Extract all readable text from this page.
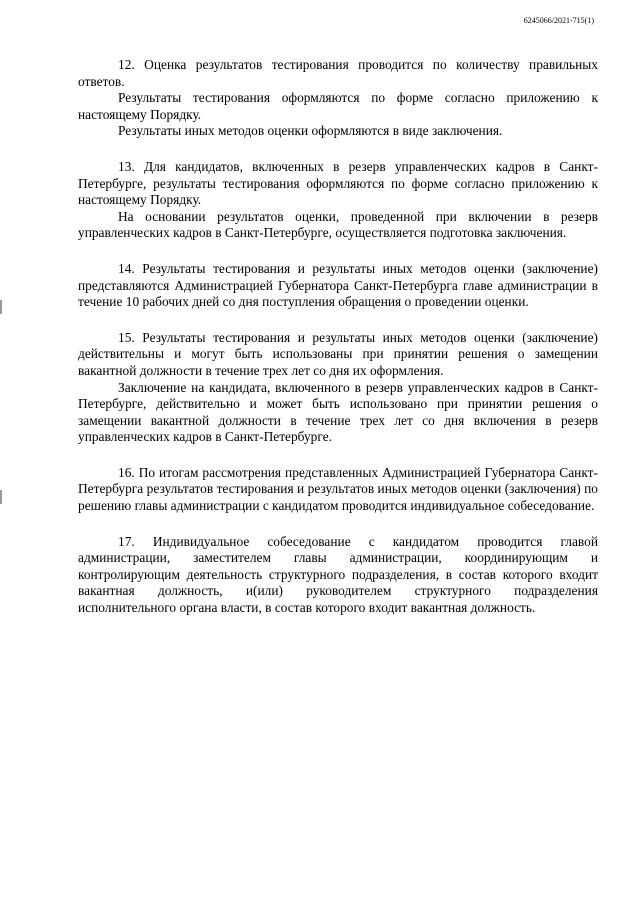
6245066/2021-715(1)

12. Оценка результатов тестирования проводится по количеству правильных ответов.

Результаты тестирования оформляются по форме согласно приложению к настоящему Порядку.

Результаты иных методов оценки оформляются в виде заключения.

13. Для кандидатов, включенных в резерв управленческих кадров в Санкт-Петербурге, результаты тестирования оформляются по форме согласно приложению к настоящему Порядку.

На основании результатов оценки, проведенной при включении в резерв управленческих кадров в Санкт-Петербурге, осуществляется подготовка заключения.

14. Результаты тестирования и результаты иных методов оценки (заключение) представляются Администрацией Губернатора Санкт-Петербурга главе администрации в течение 10 рабочих дней со дня поступления обращения о проведении оценки.

15. Результаты тестирования и результаты иных методов оценки (заключение) действительны и могут быть использованы при принятии решения о замещении вакантной должности в течение трех лет со дня их оформления.

Заключение на кандидата, включенного в резерв управленческих кадров в Санкт-Петербурге, действительно и может быть использовано при принятии решения о замещении вакантной должности в течение трех лет со дня включения в резерв управленческих кадров в Санкт-Петербурге.

16. По итогам рассмотрения представленных Администрацией Губернатора Санкт-Петербурга результатов тестирования и результатов иных методов оценки (заключения) по решению главы администрации с кандидатом проводится индивидуальное собеседование.

17. Индивидуальное собеседование с кандидатом проводится главой администрации, заместителем главы администрации, координирующим и контролирующим деятельность структурного подразделения, в состав которого входит вакантная должность, и(или) руководителем структурного подразделения исполнительного органа власти, в состав которого входит вакантная должность.
